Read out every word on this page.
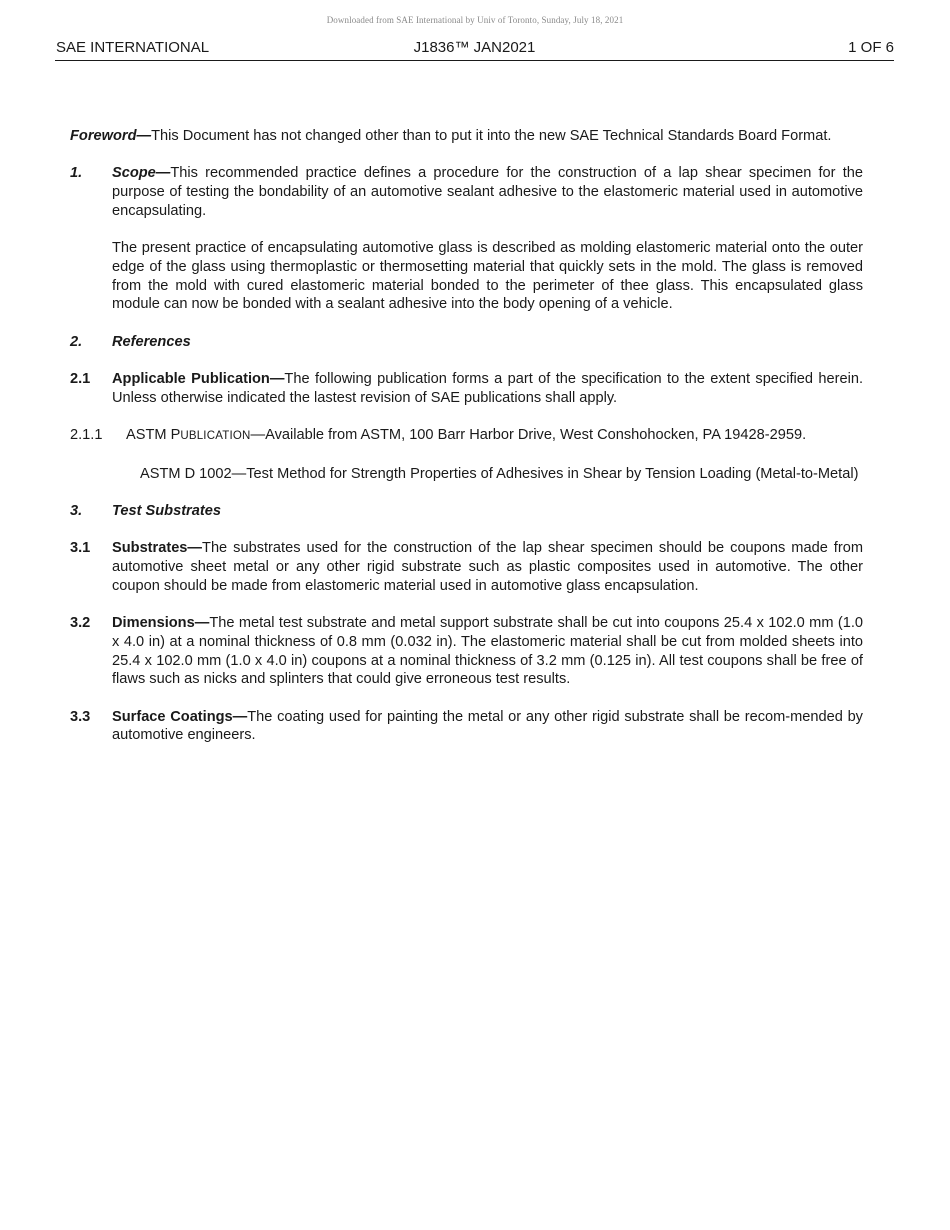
Downloaded from SAE International by Univ of Toronto, Sunday, July 18, 2021
SAE INTERNATIONAL	J1836™ JAN2021	1 OF 6

Foreword—This Document has not changed other than to put it into the new SAE Technical Standards Board Format.

1. Scope—This recommended practice defines a procedure for the construction of a lap shear specimen for the purpose of testing the bondability of an automotive sealant adhesive to the elastomeric material used in automotive encapsulating.

The present practice of encapsulating automotive glass is described as molding elastomeric material onto the outer edge of the glass using thermoplastic or thermosetting material that quickly sets in the mold. The glass is removed from the mold with cured elastomeric material bonded to the perimeter of thee glass. This encapsulated glass module can now be bonded with a sealant adhesive into the body opening of a vehicle.

2. References

2.1 Applicable Publication—The following publication forms a part of the specification to the extent specified herein. Unless otherwise indicated the lastest revision of SAE publications shall apply.

2.1.1 ASTM PUBLICATION—Available from ASTM, 100 Barr Harbor Drive, West Conshohocken, PA 19428-2959.

ASTM D 1002—Test Method for Strength Properties of Adhesives in Shear by Tension Loading (Metal-to-Metal)

3. Test Substrates

3.1 Substrates—The substrates used for the construction of the lap shear specimen should be coupons made from automotive sheet metal or any other rigid substrate such as plastic composites used in automotive. The other coupon should be made from elastomeric material used in automotive glass encapsulation.

3.2 Dimensions—The metal test substrate and metal support substrate shall be cut into coupons 25.4 x 102.0 mm (1.0 x 4.0 in) at a nominal thickness of 0.8 mm (0.032 in). The elastomeric material shall be cut from molded sheets into 25.4 x 102.0 mm (1.0 x 4.0 in) coupons at a nominal thickness of 3.2 mm (0.125 in). All test coupons shall be free of flaws such as nicks and splinters that could give erroneous test results.

3.3 Surface Coatings—The coating used for painting the metal or any other rigid substrate shall be recom-mended by automotive engineers.
